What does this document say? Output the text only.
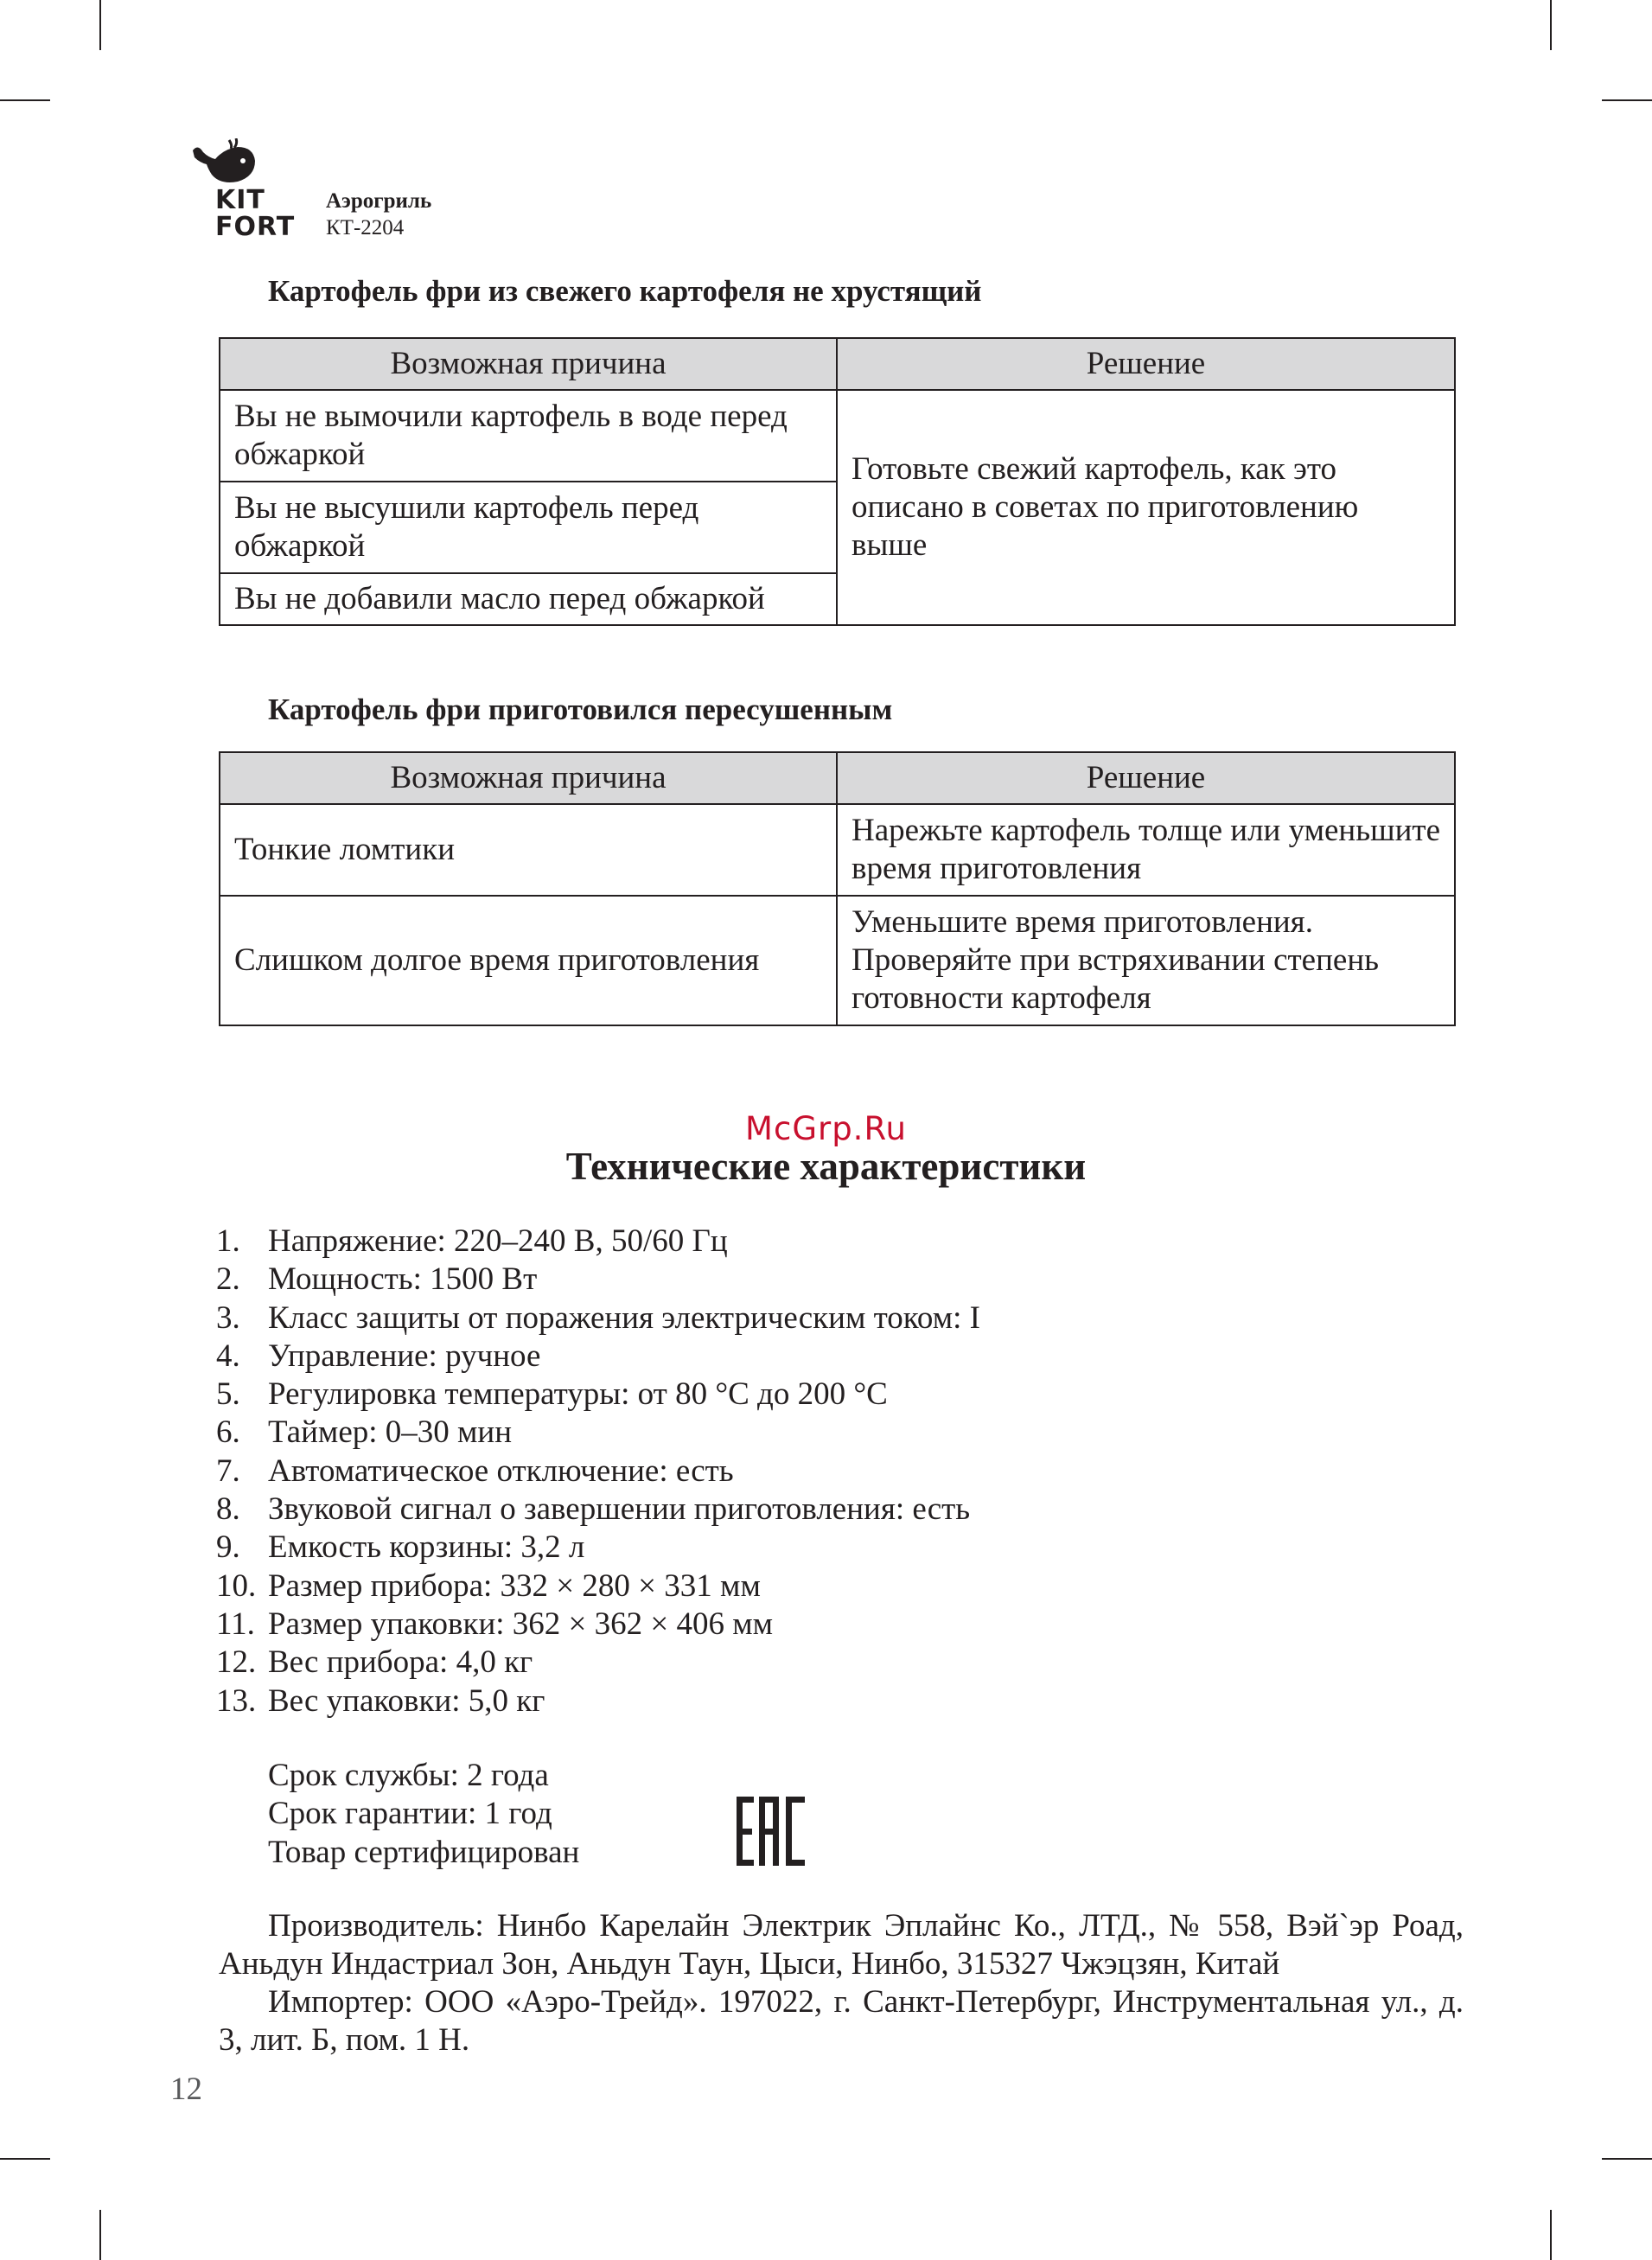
KIT
FORT
Аэрогриль
КТ-2204
Картофель фри из свежего картофеля не хрустящий
Возможная причина	Решение
Вы не вымочили картофель в воде перед обжаркой	Готовьте свежий картофель, как это описано в советах по приготовлению выше
Вы не высушили картофель перед обжаркой	
Вы не добавили масло перед обжаркой	
Картофель фри приготовился пересушенным
Возможная причина	Решение
Тонкие ломтики	Нарежьте картофель толще или уменьшите время приготовления
Слишком долгое время приготовления	Уменьшите время приготовления. Проверяйте при встряхивании степень готовности картофеля
McGrp.Ru
Технические характеристики
1. Напряжение: 220–240 В, 50/60 Гц
2. Мощность: 1500 Вт
3. Класс защиты от поражения электрическим током: I
4. Управление: ручное
5. Регулировка температуры: от 80 °С до 200 °С
6. Таймер: 0–30 мин
7. Автоматическое отключение: есть
8. Звуковой сигнал о завершении приготовления: есть
9. Емкость корзины: 3,2 л
10. Размер прибора: 332 × 280 × 331 мм
11. Размер упаковки: 362 × 362 × 406 мм
12. Вес прибора: 4,0 кг
13. Вес упаковки: 5,0 кг
Срок службы: 2 года
Срок гарантии: 1 год
Товар сертифицирован
Производитель: Нинбо Карелайн Электрик Эплайнс Ко., ЛТД., № 558, Вэй`эр Роад, Аньдун Индастриал Зон, Аньдун Таун, Цыси, Нинбо, 315327 Чжэцзян, Китай
Импортер: ООО «Аэро-Трейд». 197022, г. Санкт-Петербург, Инструментальная ул., д. 3, лит. Б, пом. 1 Н.
12
